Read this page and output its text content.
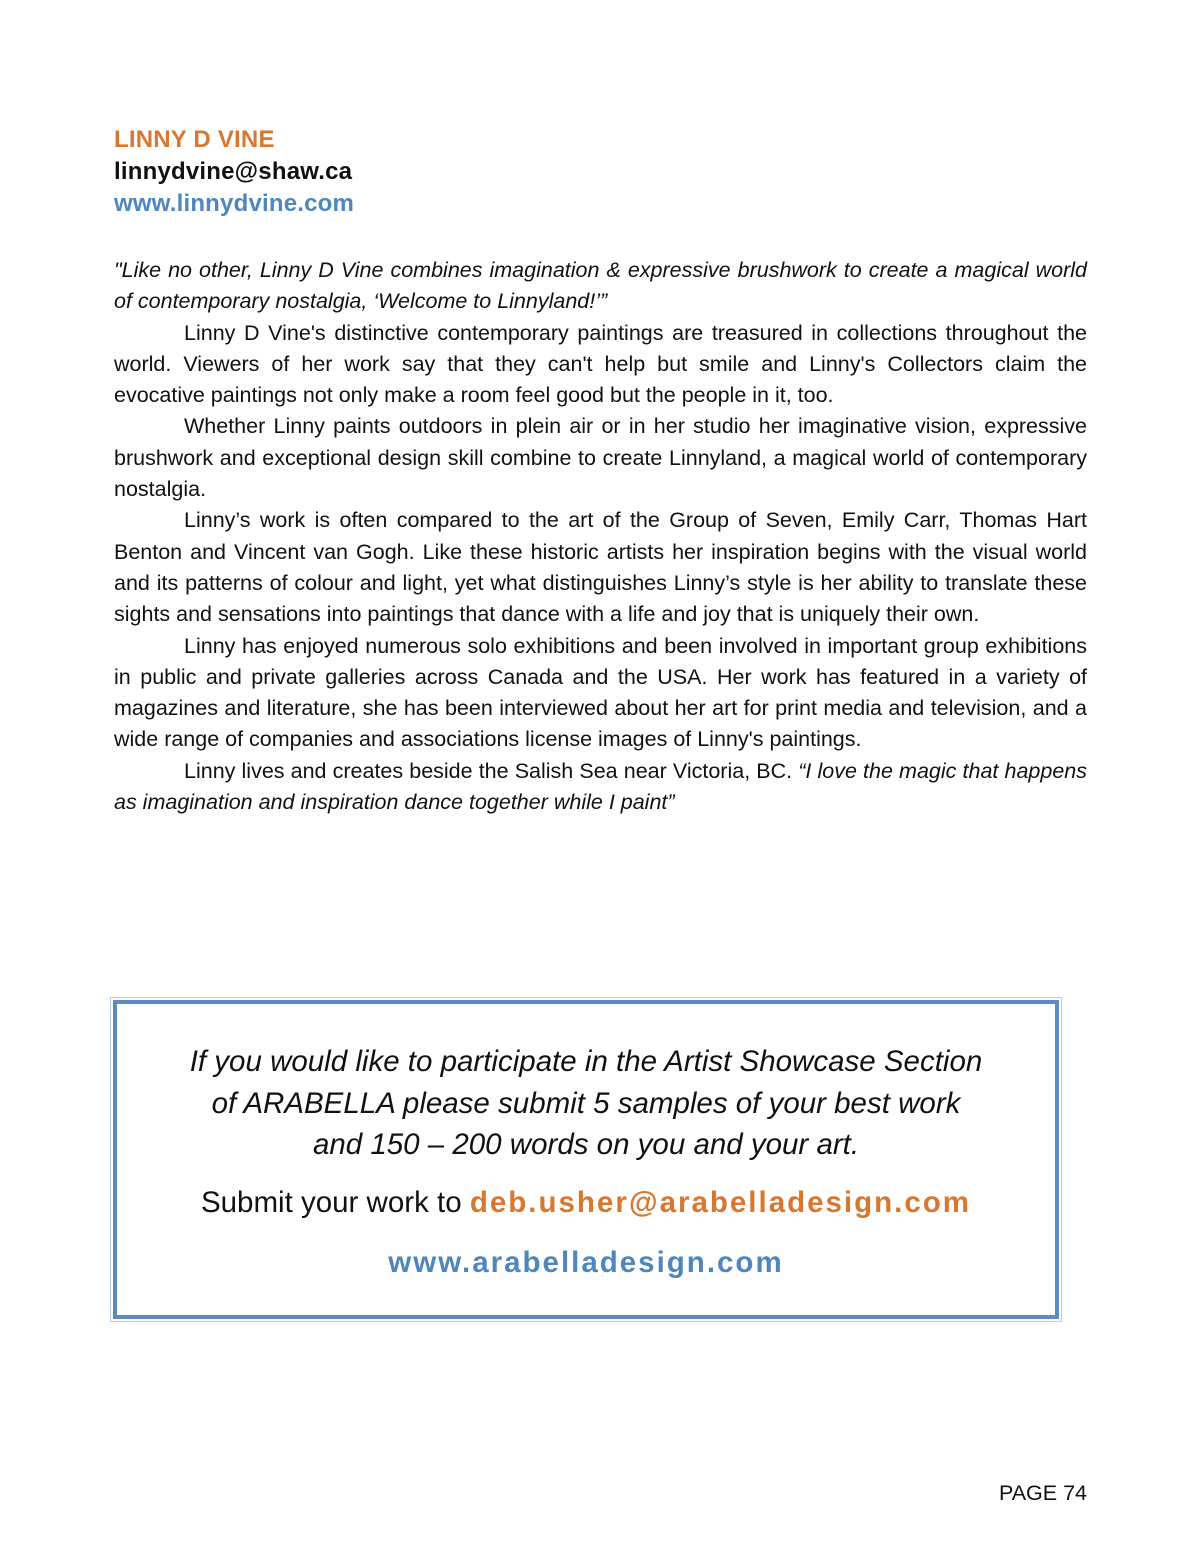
LINNY D VINE
linnydvine@shaw.ca
www.linnydvine.com

"Like no other, Linny D Vine combines imagination & expressive brushwork to create a magical world of contemporary nostalgia, ‘Welcome to Linnyland!’”

Linny D Vine's distinctive contemporary paintings are treasured in collections throughout the world. Viewers of her work say that they can't help but smile and Linny's Collectors claim the evocative paintings not only make a room feel good but the people in it, too.

Whether Linny paints outdoors in plein air or in her studio her imaginative vision, expressive brushwork and exceptional design skill combine to create Linnyland, a magical world of contemporary nostalgia.

Linny’s work is often compared to the art of the Group of Seven, Emily Carr, Thomas Hart Benton and Vincent van Gogh. Like these historic artists her inspiration begins with the visual world and its patterns of colour and light, yet what distinguishes Linny’s style is her ability to translate these sights and sensations into paintings that dance with a life and joy that is uniquely their own.

Linny has enjoyed numerous solo exhibitions and been involved in important group exhibitions in public and private galleries across Canada and the USA. Her work has featured in a variety of magazines and literature, she has been interviewed about her art for print media and television, and a wide range of companies and associations license images of Linny's paintings.

Linny lives and creates beside the Salish Sea near Victoria, BC. “I love the magic that happens as imagination and inspiration dance together while I paint”

If you would like to participate in the Artist Showcase Section
of ARABELLA please submit 5 samples of your best work
and 150 – 200 words on you and your art.
Submit your work to deb.usher@arabelladesign.com
www.arabelladesign.com
PAGE 74
